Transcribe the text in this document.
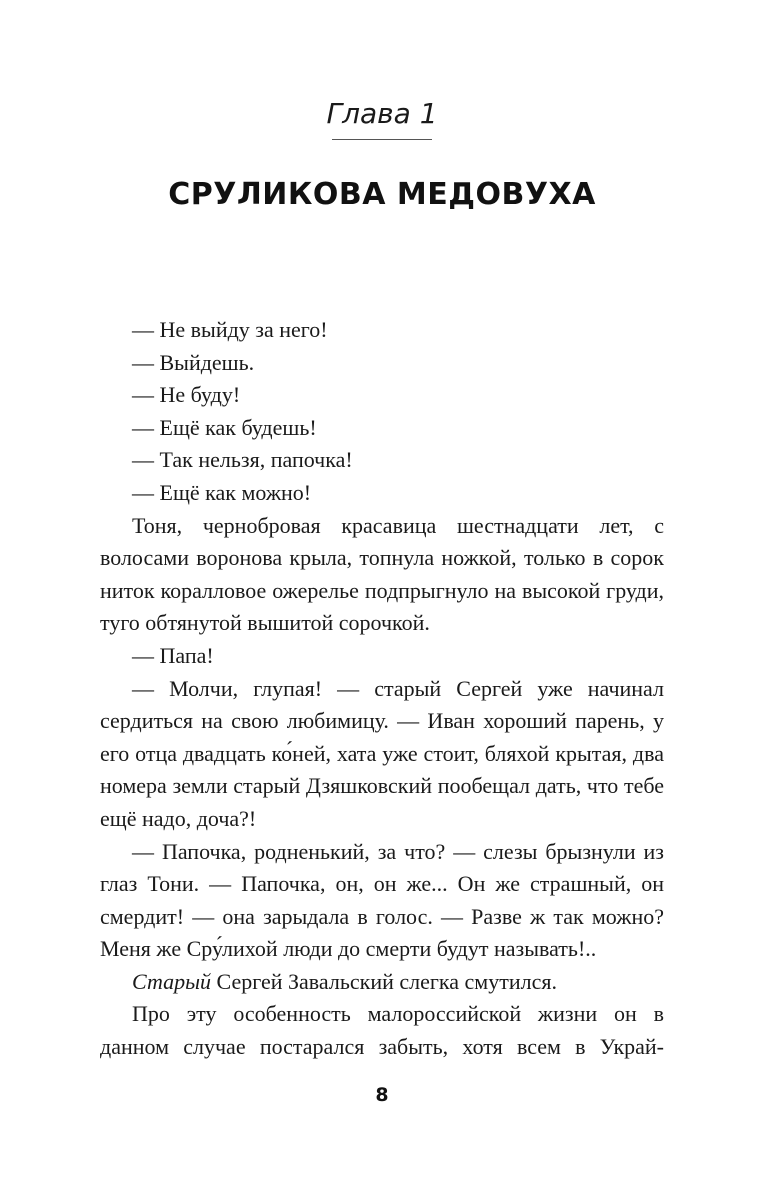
Глава 1
СРУЛИКОВА МЕДОВУХА

— Не выйду за него!

— Выйдешь.

— Не буду!

— Ещё как будешь!

— Так нельзя, папочка!

— Ещё как можно!

Тоня, чернобровая красавица шестнадцати лет, с волосами воронова крыла, топнула ножкой, только в сорок ниток коралловое ожерелье подпрыгнуло на высокой груди, туго обтянутой вышитой сорочкой.

— Папа!

— Молчи, глупая! — старый Сергей уже начинал сердиться на свою любимицу. — Иван хороший парень, у его отца двадцать ко́ней, хата уже стоит, бляхой крытая, два номера земли старый Дзяшковский пообещал дать, что тебе ещё надо, доча?!

— Папочка, родненький, за что? — слезы брызнули из глаз Тони. — Папочка, он, он же... Он же страшный, он смердит! — она зарыдала в голос. — Разве ж так можно? Меня же Сру́лихой люди до смерти будут называть!..

Старый Сергей Завальский слегка смутился.

Про эту особенность малороссийской жизни он в данном случае постарался забыть, хотя всем в Украй-

8
